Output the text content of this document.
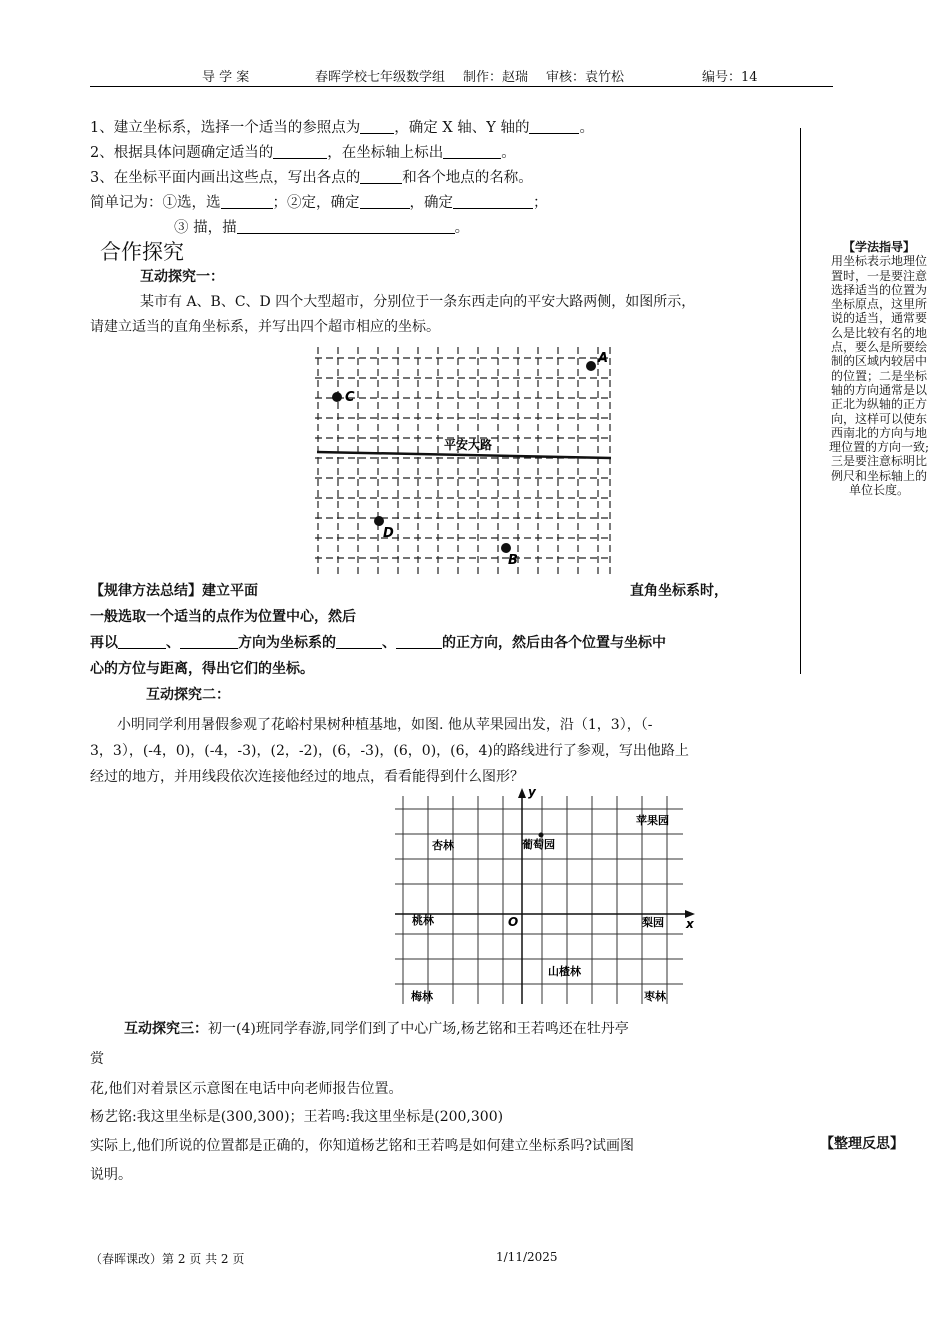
导 学 案	春晖学校七年级数学组 制作：赵瑞 审核：袁竹松	编号：14
1、建立坐标系，选择一个适当的参照点为 ，确定 X 轴、Y 轴的	。
2、根据具体问题确定适当的	，在坐标轴上标出	。
3、在坐标平面内画出这些点，写出各点的	和各个地点的名称。
简单记为：①选，选	；②定，确定	，确定	；
③ 描，描	。
合作探究
互动探究一：
某市有 A、B、C、D 四个大型超市，分别位于一条东西走向的平安大路两侧，如图所示，
请建立适当的直角坐标系，并写出四个超市相应的坐标。
平安大路
A
B
C
D
【规律方法总结】建立平面	直角坐标系时，
一般选取一个适当的点作为位置中心，然后
再以	、	方向为坐标系的	、	的正方向，然后由各个位置与坐标中
心的方位与距离，得出它们的坐标。
互动探究二：
小明同学利用暑假参观了花峪村果树种植基地，如图. 他从苹果园出发，沿（1，3），（-
3，3），(-4，0)，(-4，-3)，(2，-2)，(6，-3)，(6，0)，(6，4)的路线进行了参观，写出他路上
经过的地方，并用线段依次连接他经过的地点，看看能得到什么图形？
x
y
O
苹果园
杏林	葡萄园
桃林	梨园
山楂林
梅林	枣林
互动探究三：初一(4)班同学春游,同学们到了中心广场,杨艺铭和王若鸣还在牡丹亭
赏
花,他们对着景区示意图在电话中向老师报告位置。
杨艺铭:我这里坐标是(300,300)；王若鸣:我这里坐标是(200,300)
实际上,他们所说的位置都是正确的，你知道杨艺铭和王若鸣是如何建立坐标系吗?试画图
说明。
【学法指导】
用坐标表示地理位
置时，一是要注意
选择适当的位置为
坐标原点，这里所
说的适当，通常要
么是比较有名的地
点，要么是所要绘
制的区域内较居中
的位置；二是坐标
轴的方向通常是以
正北为纵轴的正方
向，这样可以使东
西南北的方向与地
理位置的方向一致;
三是要注意标明比
例尺和坐标轴上的
单位长度。
【整理反思】
（春晖课改）第 2 页 共 2 页	1/11/2025
